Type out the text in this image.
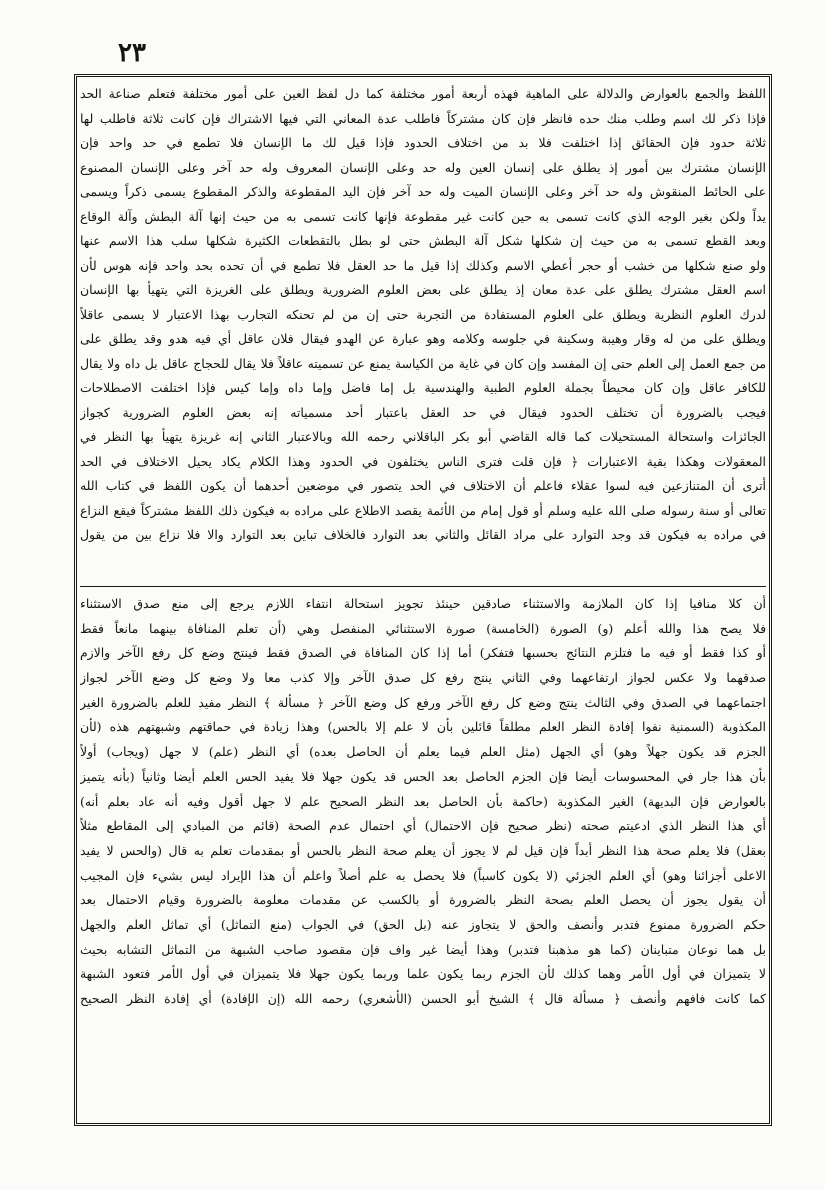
٢٣
اللفظ والجمع بالعوارض والدلالة على الماهية فهذه أربعة أمور مختلفة كما دل لفظ العين على أمور مختلفة فتعلم صناعة الحد
فإذا ذكر لك اسم وطلب منك حده فانظر فإن كان مشتركاً فاطلب عدة المعاني التي فيها الاشتراك فإن كانت ثلاثة فاطلب لها
ثلاثة حدود فإن الحقائق إذا اختلفت فلا بد من اختلاف الحدود فإذا قيل لك ما الإنسان فلا تطمع في حد واحد فإن
الإنسان مشترك بين أمور إذ يطلق على إنسان العين وله حد وعلى الإنسان المعروف وله حد آخر وعلى الإنسان المصنوع
على الحائط المنقوش وله حد آخر وعلى الإنسان الميت وله حد آخر فإن اليد المقطوعة والذكر المقطوع يسمى ذكراً ويسمى
يداً ولكن بغير الوجه الذي كانت تسمى به حين كانت غير مقطوعة فإنها كانت تسمى به من حيث إنها آلة البطش وآلة الوقاع
وبعد القطع تسمى به من حيث إن شكلها شكل آلة البطش حتى لو بطل بالتقطعات الكثيرة شكلها سلب هذا الاسم عنها
ولو صنع شكلها من خشب أو حجر أعطي الاسم وكذلك إذا قيل ما حد العقل فلا تطمع في أن تحده بحد واحد فإنه هوس لأن
اسم العقل مشترك يطلق على عدة معان إذ يطلق على بعض العلوم الضرورية ويطلق على الغريزة التي يتهيأ بها الإنسان
لدرك العلوم النظرية ويطلق على العلوم المستفادة من التجربة حتى إن من لم تحنكه التجارب بهذا الاعتبار لا يسمى عاقلاً
ويطلق على من له وقار وهيبة وسكينة في جلوسه وكلامه وهو عبارة عن الهدو فيقال فلان عاقل أي فيه هدو وقد يطلق على
من جمع العمل إلى العلم حتى إن المفسد وإن كان في غاية من الكياسة يمنع عن تسميته عاقلاً فلا يقال للحجاج عاقل بل داه ولا يقال
للكافر عاقل وإن كان محيطاً بجملة العلوم الطبية والهندسية بل إما فاضل وإما داه وإما كيس فإذا اختلفت الاصطلاحات
فيجب بالضرورة أن تختلف الحدود فيقال في حد العقل باعتبار أحد مسمياته إنه بعض العلوم الضرورية كجواز
الجائزات واستحالة المستحيلات كما قاله القاضي أبو بكر الباقلاني رحمه الله وبالاعتبار الثاني إنه غريزة يتهيأ بها النظر في
المعقولات وهكذا بقية الاعتبارات ﴿ فإن قلت فترى الناس يختلفون في الحدود وهذا الكلام يكاد يحيل الاختلاف في الحد
أترى أن المتنازعين فيه لسوا عقلاء فاعلم أن الاختلاف في الحد يتصور في موضعين أحدهما أن يكون اللفظ في كتاب الله
تعالى أو سنة رسوله صلى الله عليه وسلم أو قول إمام من الأئمة يقصد الاطلاع على مراده به فيكون ذلك اللفظ مشتركاً فيقع النزاع
في مراده به فيكون قد وجد التوارد على مراد القائل والثاني بعد التوارد فالخلاف تباين بعد التوارد والا فلا نزاع بين من يقول
أن كلا منافيا إذا كان الملازمة والاستثناء صادقين حينئذ تجويز استحالة انتفاء اللازم يرجع إلى منع صدق الاستثناء
فلا يصح هذا والله أعلم (و) الصورة (الخامسة) صورة الاستثنائي المنفصل وهي (أن تعلم المنافاة بينهما مانعاً فقط
أو كذا فقط أو فيه ما فتلزم النتائج بحسبها فتفكر) أما إذا كان المنافاة في الصدق فقط فينتج وضع كل رفع الآخر والازم
صدقهما ولا عكس لجواز ارتفاعهما وفي الثاني ينتج رفع كل صدق الآخر وإلا كذب معا ولا وضع كل وضع الآخر لجواز
اجتماعهما في الصدق وفي الثالث ينتج وضع كل رفع الآخر ورفع كل وضع الآخر ﴿ مسألة ﴾ النظر مفيد للعلم بالضرورة الغير
المكذوبة (السمنية نفوا إفادة النظر العلم مطلقاً قائلين بأن لا علم إلا بالحس) وهذا زيادة في حماقتهم وشبهتهم هذه (لأن
الجزم قد يكون جهلاً وهو) أي الجهل (مثل العلم فيما يعلم أن الحاصل بعده) أي النظر (علم) لا جهل (ويجاب) أولاً
بأن هذا جار في المحسوسات أيضا فإن الجزم الحاصل بعد الحس قد يكون جهلا فلا يفيد الحس العلم أيضا وثانياً (بأنه يتميز
بالعوارض فإن البديهة) الغير المكذوبة (حاكمة بأن الحاصل بعد النظر الصحيح علم لا جهل أقول وفيه أنه عاد بعلم أنه)
أي هذا النظر الذي ادعيتم صحته (نظر صحيح فإن الاحتمال) أي احتمال عدم الصحة (قائم من المبادي إلى المقاطع مثلاً
بعقل) فلا يعلم صحة هذا النظر أبداً فإن قيل لم لا يجوز أن يعلم صحة النظر بالحس أو بمقدمات تعلم به قال (والحس لا يفيد
الاعلى أجزائنا وهو) أي العلم الجزئي (لا يكون كاسباً) فلا يحصل به علم أصلاً واعلم أن هذا الإيراد ليس بشيء فإن المجيب
أن يقول يجوز أن يحصل العلم بصحة النظر بالضرورة أو بالكسب عن مقدمات معلومة بالضرورة وقيام الاحتمال بعد
حكم الضرورة ممنوع فتدبر وأنصف والحق لا يتجاوز عنه (بل الحق) في الجواب (منع التماثل) أي تماثل العلم والجهل
بل هما نوعان متباينان (كما هو مذهبنا فتدبر) وهذا أيضا غير واف فإن مقصود صاحب الشبهة من التماثل التشابه بحيث
لا يتميزان في أول الأمر وهما كذلك لأن الجزم ربما يكون علما وربما يكون جهلا فلا يتميزان في أول الأمر فتعود الشبهة
كما كانت فافهم وأنصف ﴿ مسألة قال ﴾ الشيخ أبو الحسن (الأشعري) رحمه الله (إن الإفادة) أي إفادة النظر الصحيح
